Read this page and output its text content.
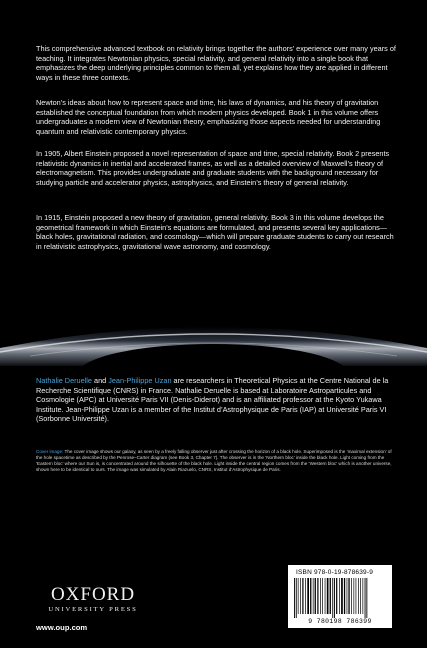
This comprehensive advanced textbook on relativity brings together the authors’ experience over many years of teaching. It integrates Newtonian physics, special relativity, and general relativity into a single book that emphasizes the deep underlying principles common to them all, yet explains how they are applied in different ways in these three contexts.
Newton’s ideas about how to represent space and time, his laws of dynamics, and his theory of gravitation established the conceptual foundation from which modern physics developed. Book 1 in this volume offers undergraduates a modern view of Newtonian theory, emphasizing those aspects needed for understanding quantum and relativistic contemporary physics.
In 1905, Albert Einstein proposed a novel representation of space and time, special relativity. Book 2 presents relativistic dynamics in inertial and accelerated frames, as well as a detailed overview of Maxwell’s theory of electromagnetism. This provides undergraduate and graduate students with the background necessary for studying particle and accelerator physics, astrophysics, and Einstein’s theory of general relativity.
In 1915, Einstein proposed a new theory of gravitation, general relativity. Book 3 in this volume develops the geometrical framework in which Einstein’s equations are formulated, and presents several key applications—black holes, gravitational radiation, and cosmology—which will prepare graduate students to carry out research in relativistic astrophysics, gravitational wave astronomy, and cosmology.
Nathalie Deruelle and Jean-Philippe Uzan are researchers in Theoretical Physics at the Centre National de la Recherche Scientifique (CNRS) in France. Nathalie Deruelle is based at Laboratoire Astroparticules and Cosmologie (APC) at Université Paris VII (Denis-Diderot) and is an affiliated professor at the Kyoto Yukawa Institute. Jean-Philippe Uzan is a member of the Institut d’Astrophysique de Paris (IAP) at Université Paris VI (Sorbonne Université).
Cover image: The cover image shows our galaxy, as seen by a freely falling observer just after crossing the horizon of a black hole. Superimposed is the ‘maximal extension’ of the hole spacetime as described by the Penrose–Carter diagram (see Book 3, Chapter 7). The observer is in the ‘Northern bloc’ inside the black hole. Light coming from the ‘Eastern bloc’ where our Sun is, is concentrated around the silhouette of the black hole. Light inside the central region comes from the ‘Western bloc’ which is another universe, shown here to be identical to ours. The image was simulated by Alain Riazuelo, CNRS, Institut d’Astrophysique de Paris.
OXFORD
UNIVERSITY PRESS
www.oup.com
ISBN 978-0-19-878639-9
9 780198 786399
